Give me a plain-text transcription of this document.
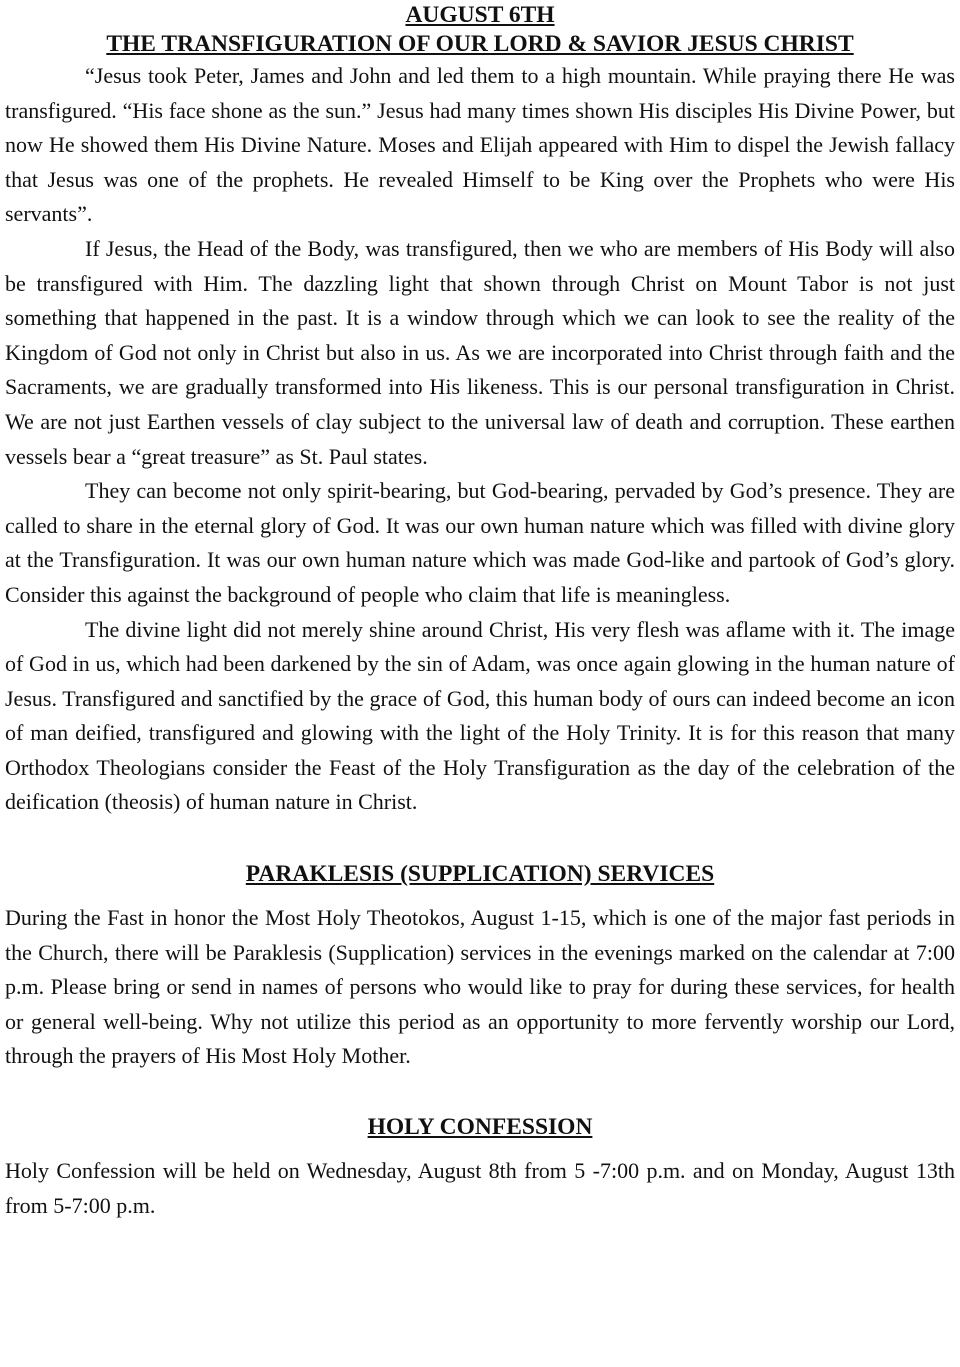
AUGUST 6TH
THE TRANSFIGURATION OF OUR LORD & SAVIOR JESUS CHRIST

“Jesus took Peter, James and John and led them to a high mountain. While praying there He was transfigured. “His face shone as the sun.” Jesus had many times shown His disciples His Divine Power, but now He showed them His Divine Nature. Moses and Elijah appeared with Him to dispel the Jewish fallacy that Jesus was one of the prophets. He revealed Himself to be King over the Prophets who were His servants”.

If Jesus, the Head of the Body, was transfigured, then we who are members of His Body will also be transfigured with Him. The dazzling light that shown through Christ on Mount Tabor is not just something that happened in the past. It is a window through which we can look to see the reality of the Kingdom of God not only in Christ but also in us. As we are incorporated into Christ through faith and the Sacraments, we are gradually transformed into His likeness. This is our personal transfiguration in Christ. We are not just Earthen vessels of clay subject to the universal law of death and corruption. These earthen vessels bear a “great treasure” as St. Paul states.

They can become not only spirit-bearing, but God-bearing, pervaded by God’s presence. They are called to share in the eternal glory of God. It was our own human nature which was filled with divine glory at the Transfiguration. It was our own human nature which was made God-like and partook of God’s glory. Consider this against the background of people who claim that life is meaningless.

The divine light did not merely shine around Christ, His very flesh was aflame with it. The image of God in us, which had been darkened by the sin of Adam, was once again glowing in the human nature of Jesus. Transfigured and sanctified by the grace of God, this human body of ours can indeed become an icon of man deified, transfigured and glowing with the light of the Holy Trinity. It is for this reason that many Orthodox Theologians consider the Feast of the Holy Transfiguration as the day of the celebration of the deification (theosis) of human nature in Christ.

PARAKLESIS (SUPPLICATION) SERVICES

During the Fast in honor the Most Holy Theotokos, August 1-15, which is one of the major fast periods in the Church, there will be Paraklesis (Supplication) services in the evenings marked on the calendar at 7:00 p.m. Please bring or send in names of persons who would like to pray for during these services, for health or general well-being. Why not utilize this period as an opportunity to more fervently worship our Lord, through the prayers of His Most Holy Mother.

HOLY CONFESSION

Holy Confession will be held on Wednesday, August 8th from 5 -7:00 p.m. and on Monday, August 13th from 5-7:00 p.m.
